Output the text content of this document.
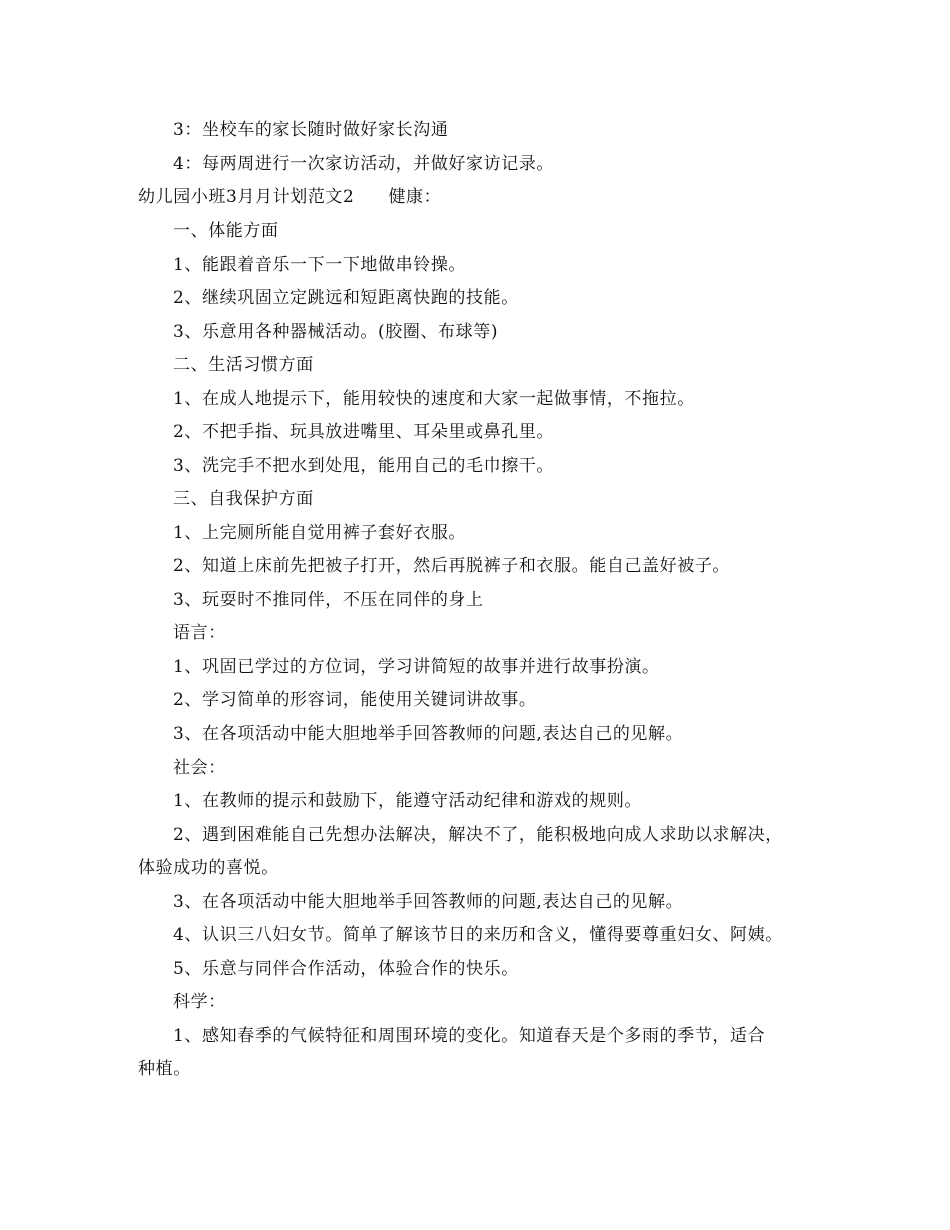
3：坐校车的家长随时做好家长沟通
4：每两周进行一次家访活动，并做好家访记录。
幼儿园小班3月月计划范文2 健康：
一、体能方面
1、能跟着音乐一下一下地做串铃操。
2、继续巩固立定跳远和短距离快跑的技能。
3、乐意用各种器械活动。(胶圈、布球等)
二、生活习惯方面
1、在成人地提示下，能用较快的速度和大家一起做事情，不拖拉。
2、不把手指、玩具放进嘴里、耳朵里或鼻孔里。
3、洗完手不把水到处甩，能用自己的毛巾擦干。
三、自我保护方面
1、上完厕所能自觉用裤子套好衣服。
2、知道上床前先把被子打开，然后再脱裤子和衣服。能自己盖好被子。
3、玩耍时不推同伴，不压在同伴的身上
语言：
1、巩固已学过的方位词，学习讲简短的故事并进行故事扮演。
2、学习简单的形容词，能使用关键词讲故事。
3、在各项活动中能大胆地举手回答教师的问题,表达自己的见解。
社会：
1、在教师的提示和鼓励下，能遵守活动纪律和游戏的规则。
2、遇到困难能自己先想办法解决，解决不了，能积极地向成人求助以求解决，
体验成功的喜悦。
3、在各项活动中能大胆地举手回答教师的问题,表达自己的见解。
4、认识三八妇女节。简单了解该节日的来历和含义，懂得要尊重妇女、阿姨。
5、乐意与同伴合作活动，体验合作的快乐。
科学：
1、感知春季的气候特征和周围环境的变化。知道春天是个多雨的季节，适合
种植。
